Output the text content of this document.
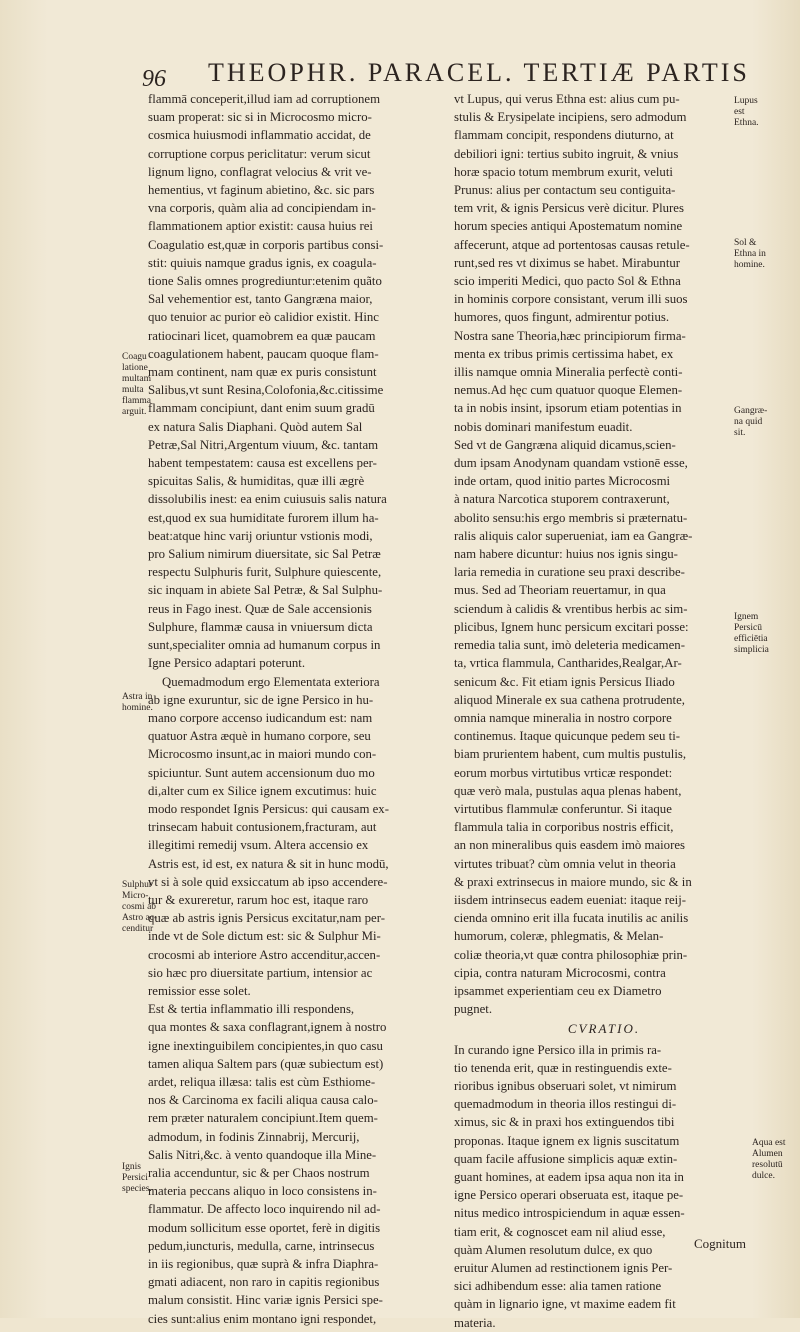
96 THEOPHR. PARACEL. TERTIÆ PARTIS

flammā conceperit,illud iam ad corruptionem
suam properat: sic si in Microcosmo micro-
cosmica huiusmodi inflammatio accidat, de
corruptione corpus periclitatur: verum sicut
lignum ligno, conflagrat velocius & vrit ve-
hementius, vt faginum abietino, &c. sic pars
vna corporis, quàm alia ad concipiendam in-
flammationem aptior existit: causa huius rei
Coagulatio est,quæ in corporis partibus consi-
stit: quiuis namque gradus ignis, ex coagula-
tione Salis omnes progrediuntur:etenim quãto
Sal vehementior est, tanto Gangræna maior,
quo tenuior ac purior eò calidior existit. Hinc
ratiocinari licet, quamobrem ea quæ paucam
coagulationem habent, paucam quoque flam-
mam continent, nam quæ ex puris consistunt
Salibus,vt sunt Resina,Colofonia,&c.citissime
flammam concipiunt, dant enim suum gradū
ex natura Salis Diaphani. Quòd autem Sal
Petræ,Sal Nitri,Argentum viuum, &c. tantam
habent tempestatem: causa est excellens per-
spicuitas Salis, & humiditas, quæ illi ægrè
dissolubilis inest: ea enim cuiusuis salis natura
est,quod ex sua humiditate furorem illum ha-
beat:atque hinc varij oriuntur vstionis modi,
pro Salium nimirum diuersitate, sic Sal Petræ
respectu Sulphuris furit, Sulphure quiescente,
sic inquam in abiete Sal Petræ, & Sal Sulphu-
reus in Fago inest. Quæ de Sale accensionis
Sulphure, flammæ causa in vniuersum dicta
sunt,specialiter omnia ad humanum corpus in
Igne Persico adaptari poterunt.

Quemadmodum ergo Elementata exteriora
ab igne exuruntur, sic de igne Persico in hu-
mano corpore accenso iudicandum est: nam
quatuor Astra æquè in humano corpore, seu
Microcosmo insunt,ac in maiori mundo con-
spiciuntur. Sunt autem accensionum duo mo
di,alter cum ex Silice ignem excutimus: huic
modo respondet Ignis Persicus: qui causam ex-
trinsecam habuit contusionem,fracturam, aut
illegitimi remedij vsum. Altera accensio ex
Astris est, id est, ex natura & sit in hunc modū,
vt si à sole quid exsiccatum ab ipso accendere-
tur & exureretur, rarum hoc est, itaque raro
quæ ab astris ignis Persicus excitatur,nam per-
inde vt de Sole dictum est: sic & Sulphur Mi-
crocosmi ab interiore Astro accenditur,accen-
sio hæc pro diuersitate partium, intensior ac
remissior esse solet.

Est & tertia inflammatio illi respondens,
qua montes & saxa conflagrant,ignem à nostro
igne inextinguibilem concipientes,in quo casu
tamen aliqua Saltem pars (quæ subiectum est)
ardet, reliqua illæsa: talis est cùm Esthiome-
nos & Carcinoma ex facili aliqua causa calo-
rem præter naturalem concipiunt.Item quem-
admodum, in fodinis Zinnabrij, Mercurij,
Salis Nitri,&c. à vento quandoque illa Mine-
ralia accenduntur, sic & per Chaos nostrum
materia peccans aliquo in loco consistens in-
flammatur. De affecto loco inquirendo nil ad-
modum sollicitum esse oportet, ferè in digitis
pedum,iuncturis, medulla, carne, intrinsecus
in iis regionibus, quæ suprà & infra Diaphra-
gmati adiacent, non raro in capitis regionibus
malum consistit. Hinc variæ ignis Persici spe-
cies sunt:alius enim montano igni respondet,

vt Lupus, qui verus Ethna est: alius cum pu-
stulis & Erysipelate incipiens, sero admodum
flammam concipit, respondens diuturno, at
debiliori igni: tertius subito ingruit, & vnius
horæ spacio totum membrum exurit, veluti
Prunus: alius per contactum seu contiguita-
tem vrit, & ignis Persicus verè dicitur. Plures
horum species antiqui Apostematum nomine
affecerunt, atque ad portentosas causas retule-
runt,sed res vt diximus se habet. Mirabuntur
scio imperiti Medici, quo pacto Sol & Ethna
in hominis corpore consistant, verum illi suos
humores, quos fingunt, admirentur potius.
Nostra sane Theoria,hæc principiorum firma-
menta ex tribus primis certissima habet, ex
illis namque omnia Mineralia perfectè conti-
nemus.Ad hęc cum quatuor quoque Elemen-
ta in nobis insint, ipsorum etiam potentias in
nobis dominari manifestum euadit.

Sed vt de Gangræna aliquid dicamus,scien-
dum ipsam Anodynam quandam vstionē esse,
inde ortam, quod initio partes Microcosmi
à natura Narcotica stuporem contraxerunt,
abolito sensu:his ergo membris si præternatu-
ralis aliquis calor superueniat, iam ea Gangræ-
nam habere dicuntur: huius nos ignis singu-
laria remedia in curatione seu praxi describe-
mus. Sed ad Theoriam reuertamur, in qua
sciendum à calidis & vrentibus herbis ac sim-
plicibus, Ignem hunc persicum excitari posse:
remedia talia sunt, imò deleteria medicamen-
ta, vrtica flammula, Cantharides,Realgar,Ar-
senicum &c. Fit etiam ignis Persicus Iliado
aliquod Minerale ex sua cathena protrudente,
omnia namque mineralia in nostro corpore
continemus. Itaque quicunque pedem seu ti-
biam prurientem habent, cum multis pustulis,
eorum morbus virtutibus vrticæ respondet:
quæ verò mala, pustulas aqua plenas habent,
virtutibus flammulæ conferuntur. Si itaque
flammula talia in corporibus nostris efficit,
an non mineralibus quis easdem imò maiores
virtutes tribuat? cùm omnia velut in theoria
& praxi extrinsecus in maiore mundo, sic & in
iisdem intrinsecus eadem eueniat: itaque reij-
cienda omnino erit illa fucata inutilis ac anilis
humorum, coleræ, phlegmatis, & Melan-
coliæ theoria,vt quæ contra philosophiæ prin-
cipia, contra naturam Microcosmi, contra
ipsammet experientiam ceu ex Diametro
pugnet.

CVRATIO.

In curando igne Persico illa in primis ra-
tio tenenda erit, quæ in restinguendis exte-
rioribus ignibus obseruari solet, vt nimirum
quemadmodum in theoria illos restingui di-
ximus, sic & in praxi hos extinguendos tibi
proponas. Itaque ignem ex lignis suscitatum
quam facile affusione simplicis aquæ extin-
guant homines, at eadem ipsa aqua non ita in
igne Persico operari obseruata est, itaque pe-
nitus medico introspiciendum in aquæ essen-
tiam erit, & cognoscet eam nil aliud esse,
quàm Alumen resolutum dulce, ex quo
eruitur Alumen ad restinctionem ignis Per-
sici adhibendum esse: alia tamen ratione
quàm in lignario igne, vt maxime eadem fit
materia.

Coagu
latione
multam
multa
flamma
arguit.
Astra in
homine.
Sulphur
Micro-
cosmi ab
Astro ac-
cenditur
Ignis
Persici
species.
Lupus
est
Ethna.
Sol &
Ethna in
homine.
Gangræ-
na quid
sit.
Ignem
Persicū
efficiētia
simplicia
Aqua est
Alumen
resolutū
dulce.
Cognitum
